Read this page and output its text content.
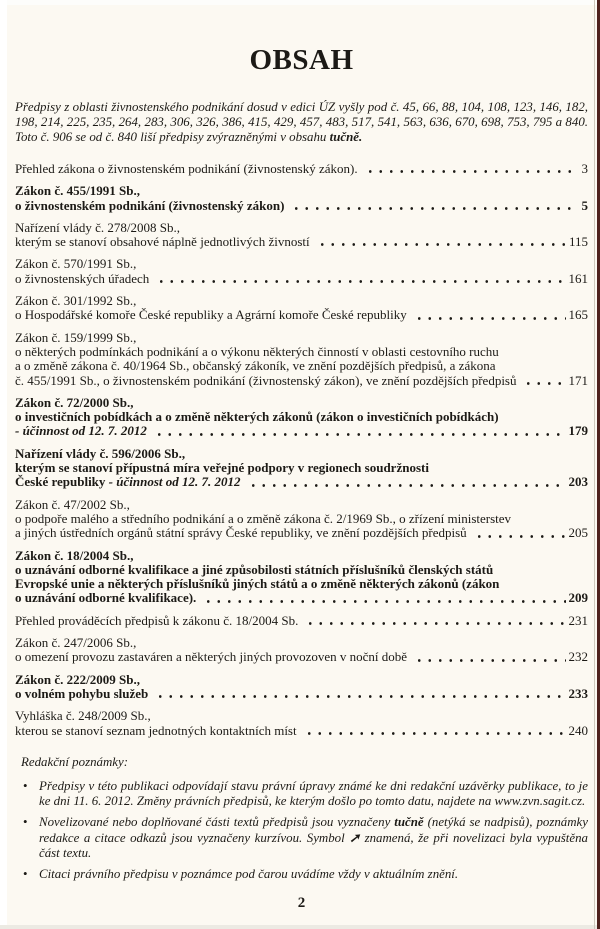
OBSAH

Předpisy z oblasti živnostenského podnikání dosud v edici ÚZ vyšly pod č. 45, 66, 88, 104, 108, 123, 146, 182, 198, 214, 225, 235, 264, 283, 306, 326, 386, 415, 429, 457, 483, 517, 541, 563, 636, 670, 698, 753, 795 a 840. Toto č. 906 se od č. 840 liší předpisy zvýrazněnými v obsahu tučně.

Přehled zákona o živnostenském podnikání (živnostenský zákon).	3
Zákon č. 455/1991 Sb.,
o živnostenském podnikání (živnostenský zákon)	5
Nařízení vlády č. 278/2008 Sb.,
kterým se stanoví obsahové náplně jednotlivých živností	115
Zákon č. 570/1991 Sb.,
o živnostenských úřadech	161
Zákon č. 301/1992 Sb.,
o Hospodářské komoře České republiky a Agrární komoře České republiky	165
Zákon č. 159/1999 Sb.,
o některých podmínkách podnikání a o výkonu některých činností v oblasti cestovního ruchu
a o změně zákona č. 40/1964 Sb., občanský zákoník, ve znění pozdějších předpisů, a zákona
č. 455/1991 Sb., o živnostenském podnikání (živnostenský zákon), ve znění pozdějších předpisů	171
Zákon č. 72/2000 Sb.,
o investičních pobídkách a o změně některých zákonů (zákon o investičních pobídkách)
- účinnost od 12. 7. 2012	179
Nařízení vlády č. 596/2006 Sb.,
kterým se stanoví přípustná míra veřejné podpory v regionech soudržnosti
České republiky - účinnost od 12. 7. 2012	203
Zákon č. 47/2002 Sb.,
o podpoře malého a středního podnikání a o změně zákona č. 2/1969 Sb., o zřízení ministerstev
a jiných ústředních orgánů státní správy České republiky, ve znění pozdějších předpisů	205
Zákon č. 18/2004 Sb.,
o uznávání odborné kvalifikace a jiné způsobilosti státních příslušníků členských států
Evropské unie a některých příslušníků jiných států a o změně některých zákonů (zákon
o uznávání odborné kvalifikace).	209
Přehled prováděcích předpisů k zákonu č. 18/2004 Sb.	231
Zákon č. 247/2006 Sb.,
o omezení provozu zastaváren a některých jiných provozoven v noční době	232
Zákon č. 222/2009 Sb.,
o volném pohybu služeb	233
Vyhláška č. 248/2009 Sb.,
kterou se stanoví seznam jednotných kontaktních míst	240
Redakční poznámky:
• Předpisy v této publikaci odpovídají stavu právní úpravy známé ke dni redakční uzávěrky publikace, to je ke dni 11. 6. 2012. Změny právních předpisů, ke kterým došlo po tomto datu, najdete na www.zvn.sagit.cz.
• Novelizované nebo doplňované části textů předpisů jsou vyznačeny tučně (netýká se nadpisů), poznámky redakce a citace odkazů jsou vyznačeny kurzívou. Symbol ➚ znamená, že při novelizaci byla vypuštěna část textu.
• Citaci právního předpisu v poznámce pod čarou uvádíme vždy v aktuálním znění.
2
